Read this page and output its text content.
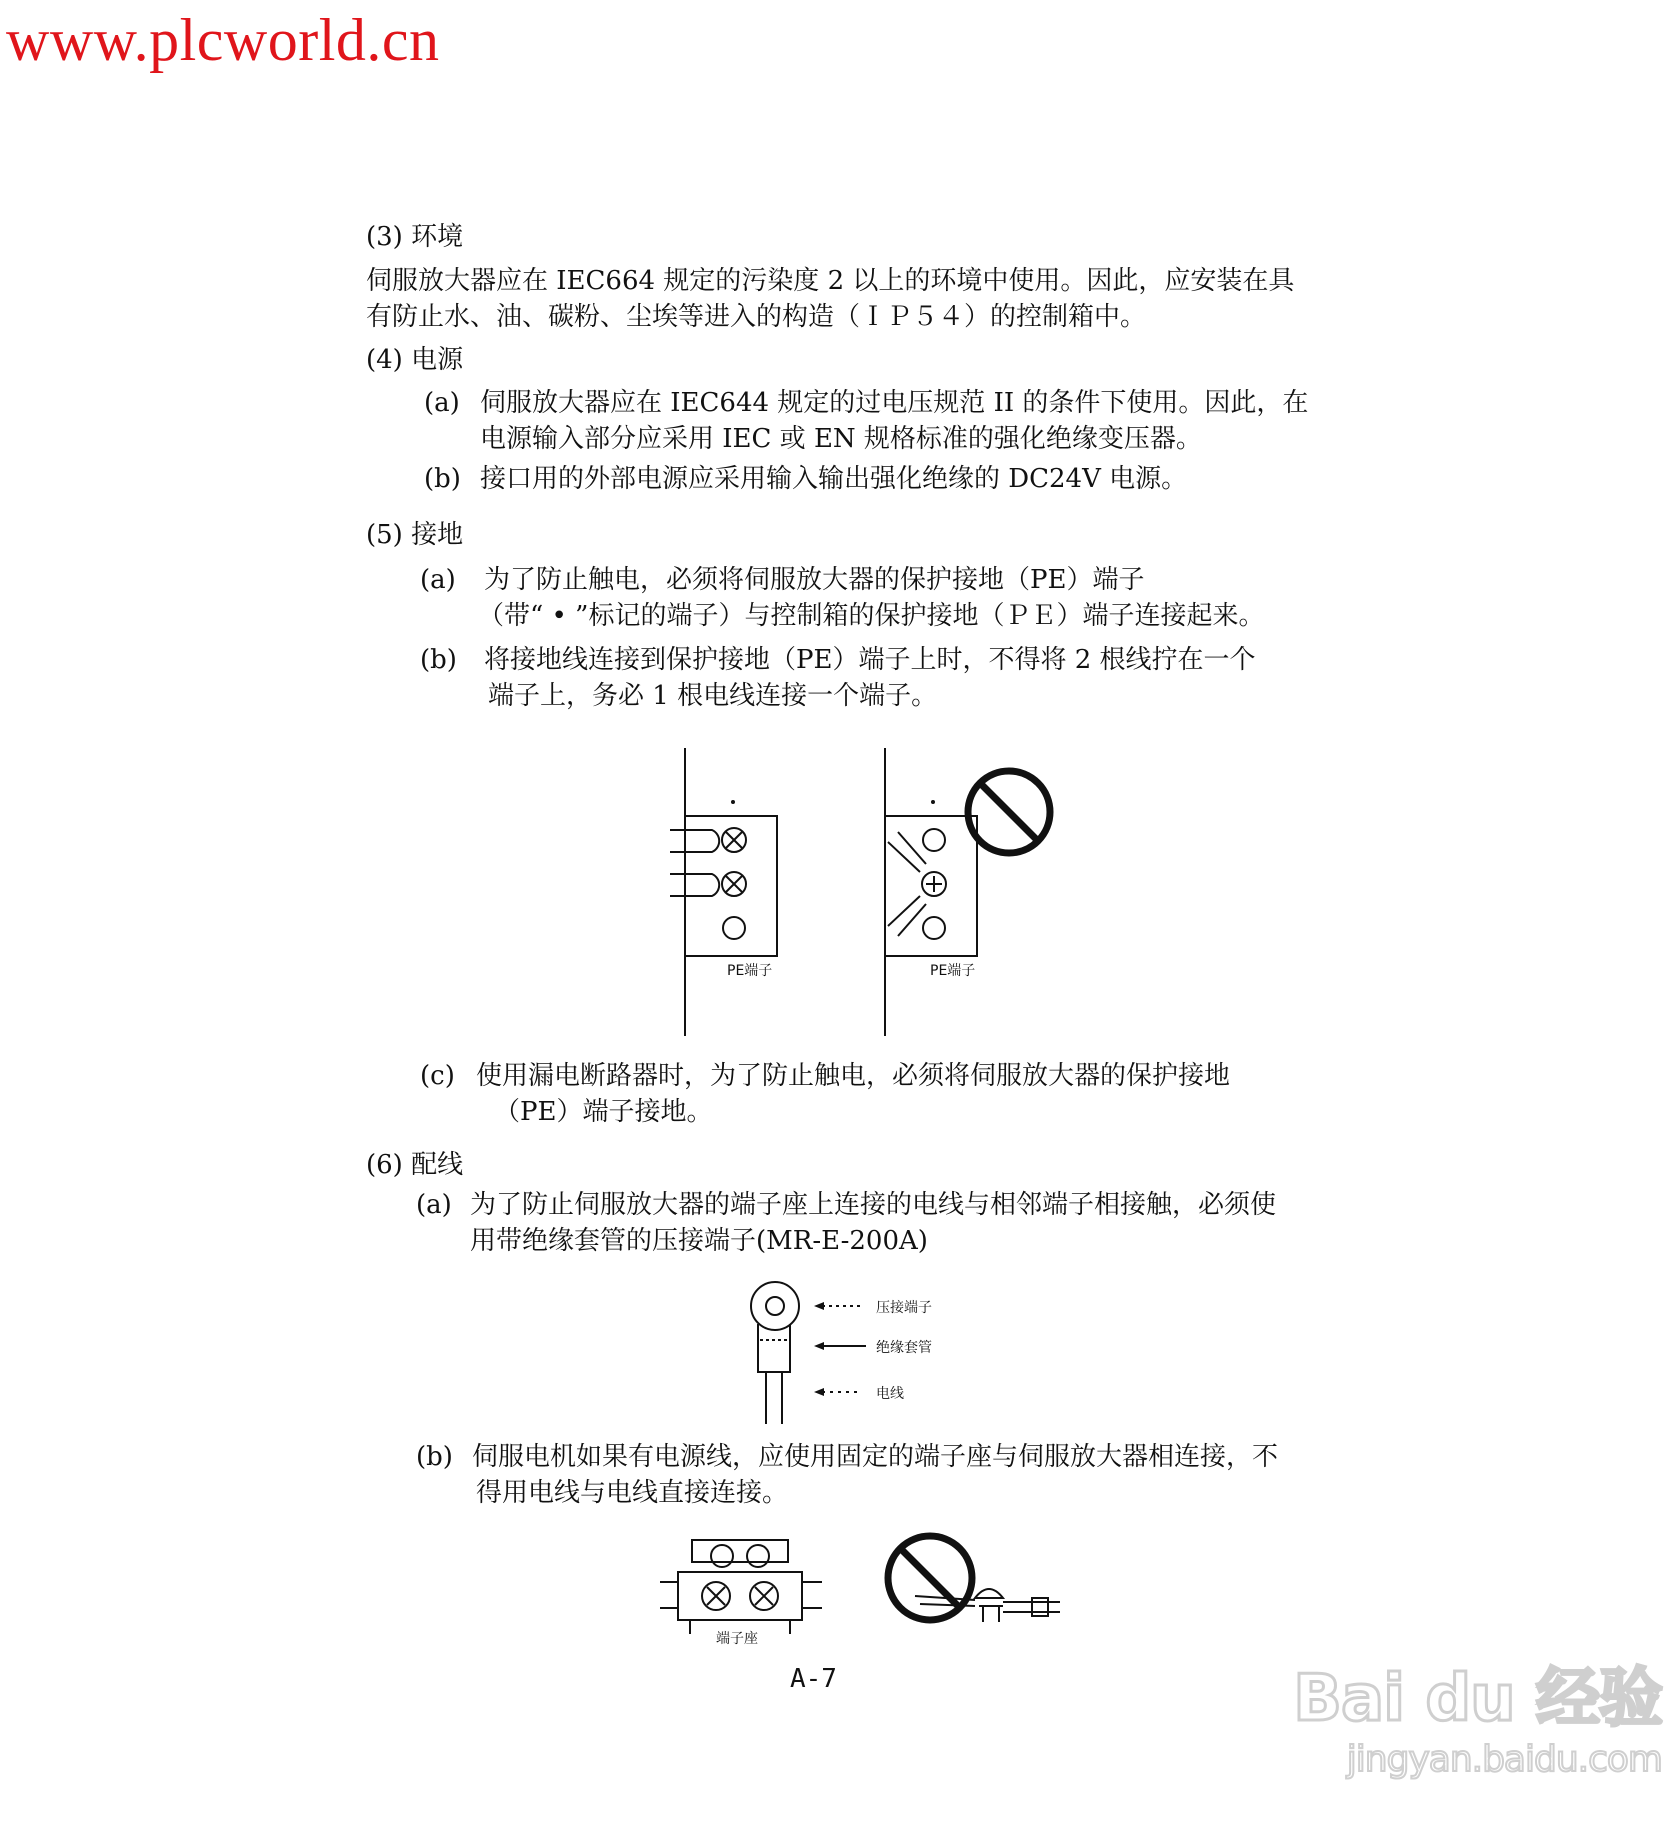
www.plcworld.cn
(3) 环境
伺服放大器应在 IEC664 规定的污染度 2 以上的环境中使用。因此，应安装在具
有防止水、油、碳粉、尘埃等进入的构造（ＩＰ５４）的控制箱中。
(4) 电源
(a) 伺服放大器应在 IEC644 规定的过电压规范 II 的条件下使用。因此，在
电源输入部分应采用 IEC 或 EN 规格标准的强化绝缘变压器。
(b) 接口用的外部电源应采用输入输出强化绝缘的 DC24V 电源。
(5) 接地
(a) 为了防止触电，必须将伺服放大器的保护接地（PE）端子
（带“ • ”标记的端子）与控制箱的保护接地（ＰＥ）端子连接起来。
(b) 将接地线连接到保护接地（PE）端子上时，不得将 2 根线拧在一个
端子上，务必 1 根电线连接一个端子。
PE端子	PE端子
(c) 使用漏电断路器时，为了防止触电，必须将伺服放大器的保护接地
（PE）端子接地。
(6) 配线
(a) 为了防止伺服放大器的端子座上连接的电线与相邻端子相接触，必须使
用带绝缘套管的压接端子(MR-E-200A)
压接端子
绝缘套管
电线
(b) 伺服电机如果有电源线，应使用固定的端子座与伺服放大器相连接，不
得用电线与电线直接连接。
端子座
A-7	Bai du 经验
jingyan.baidu.com
